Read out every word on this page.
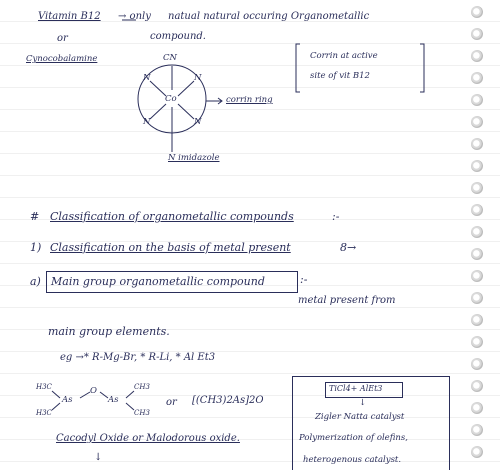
Vitamin B12 → only natual natural occuring Organometallic
or	compound.
Cynocobalamine	CN	Corrin at active
site of vit B12
Co
N	N
N	N
corrin ring
N imidazole
# Classification of organometallic compounds	:-
1) Classification on the basis of metal present	8→
a) Main group organometallic compound	:-
metal present from
main group elements.
eg →* R-Mg-Br, * R-Li, * Al Et3
H3C
H3C
As
O
As
CH3
CH3
or [(CH3)2As]2O
Cacodyl Oxide or Malodorous oxide.
↓
TiCl4+ AlEt3
↓
Zigler Natta catalyst
Polymerization of olefins,
heterogenous catalyst.
